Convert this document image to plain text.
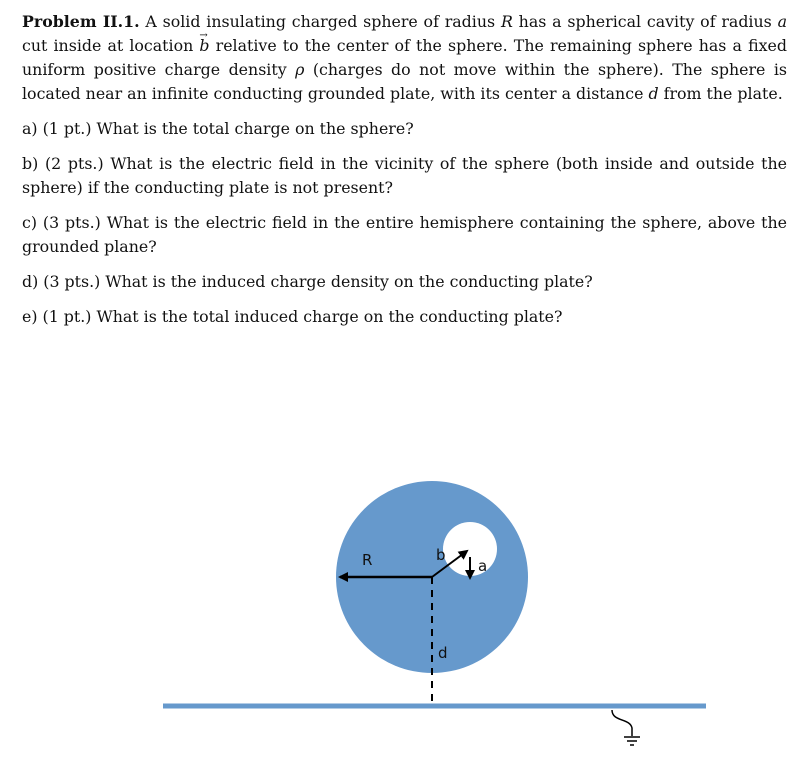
Problem II.1. A solid insulating charged sphere of radius R has a spherical cavity of radius a cut inside at location → b relative to the center of the sphere. The remaining sphere has a fixed uniform positive charge density ρ (charges do not move within the sphere). The sphere is located near an infinite conducting grounded plate, with its center a distance d from the plate.

a) (1 pt.) What is the total charge on the sphere?

b) (2 pts.) What is the electric field in the vicinity of the sphere (both inside and outside the sphere) if the conducting plate is not present?

c) (3 pts.) What is the electric field in the entire hemisphere containing the sphere, above the grounded plane?

d) (3 pts.) What is the induced charge density on the conducting plate?

e) (1 pt.) What is the total induced charge on the conducting plate?

R	b
a
d
